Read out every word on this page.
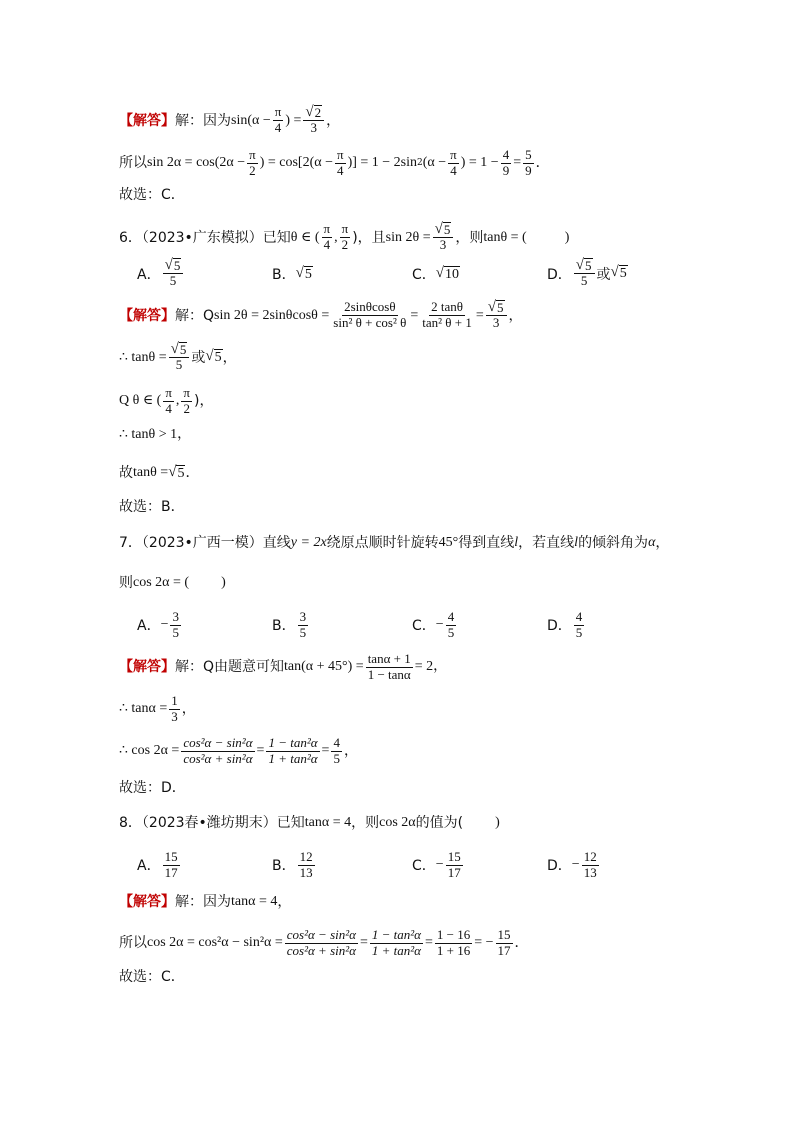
【解答】 解：因为 $\sin(\alpha - \frac{\pi}{4}$ ) = $\frac{√ 2}{3}$ ，
所以 $\sin 2\alpha = \cos(2\alpha - \frac{\pi}{2}$ ) = $\cos[2(\alpha - \frac{\pi}{4}$ )] = 1 − 2sin 2 ($\alpha - \frac{\pi}{4}$ ) = $1 - \frac{4}{9} = \frac{5}{9}$ ．
故选：C．
6．（2023•广东模拟）已知 θ ∈ ( $\frac{\pi}{4}$ , $\frac{\pi}{2}$ )，且 $\sin 2\theta = \frac{√ 5}{3}$ ，则 tanθ = (	)
A． $\frac{√ 5}{5}$	B． √ 5	C． √ 10	D． $\frac{√ 5}{5}$ 或 √ 5
【解答】 解：Q $\sin 2\theta = 2\sin\theta\cos\theta = \frac{2\sin\theta\cos\theta}{\text{sin² θ + cos² θ}} = \frac{2 \tan\theta}{\text{tan² θ + 1}} = \frac{√ 5}{3}$ ，
∴ $\tan\theta = \frac{√ 5}{5}$ 或 √ 5 ，
Q θ ∈ ( $\frac{\pi}{4}$ , $\frac{\pi}{2}$ )，
∴ tanθ > 1，
故 tanθ = √ 5 ．
故选：B．
7．（2023•广西一模）直线 y = 2x 绕原点顺时针旋转 45° 得到直线 l ，若直线 l 的倾斜角为 α ，
则 cos 2α = ( )
A． − $\frac{3}{5}$	B． $\frac{3}{5}$	C． − $\frac{4}{5}$	D． $\frac{4}{5}$
【解答】 解：Q由题意可知 $\tan(\alpha + 45^\circ) = \frac{\tan\alpha + 1}{1 - \tan\alpha} = 2$，
∴ $\tan\alpha = \frac{1}{3}$ ，
∴ $\cos 2\alpha = \frac{\text{cos²α − sin²α}}{\text{cos²α + sin²α}} = \frac{\text{1 − tan²α}}{\text{1 + tan²α}} = \frac{4}{5}$ ，
故选：D．
8．（2023春•潍坊期末）已知 tanα = 4 ，则 cos 2α 的值为( )
A． $\frac{15}{17}$	B． $\frac{12}{13}$	C． − $\frac{15}{17}$	D． − $\frac{12}{13}$
【解答】 解：因为 tanα = 4 ，
所以 $\cos 2\alpha = \cos^2\alpha - \sin^2\alpha = \frac{\text{cos²α − sin²α}}{\text{cos²α + sin²α}} = \frac{\text{1 − tan²α}}{\text{1 + tan²α}} = \frac{1 - 16}{1 + 16}$ = − $\frac{15}{17}$ ．
故选：C．
